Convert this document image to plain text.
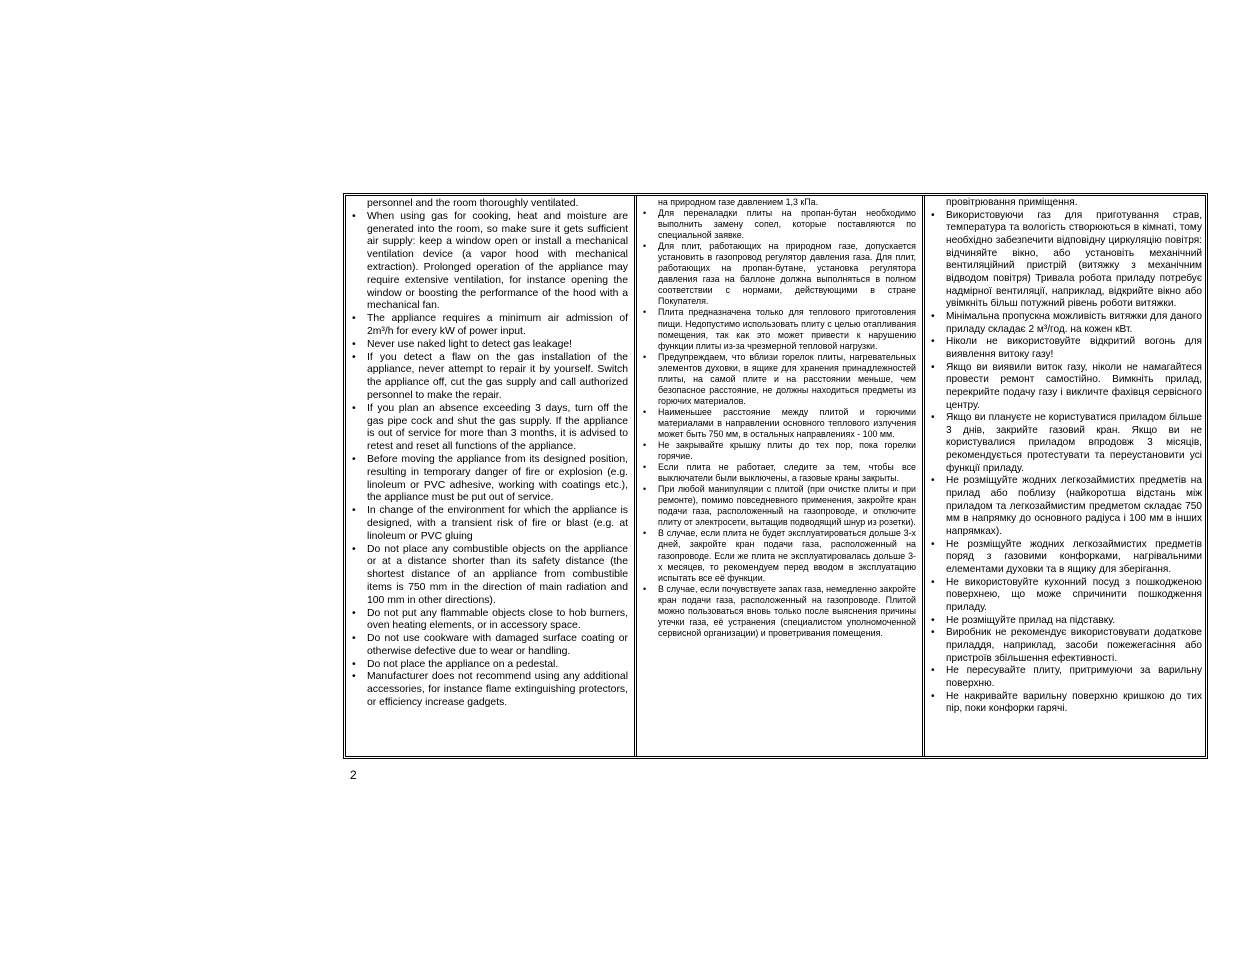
personnel and the room thoroughly ventilated.

• When using gas for cooking, heat and moisture are generated into the room, so make sure it gets sufficient air supply: keep a window open or install a mechanical ventilation device (a vapor hood with mechanical extraction). Prolonged operation of the appliance may require extensive ventilation, for instance opening the window or boosting the performance of the hood with a mechanical fan.
• The appliance requires a minimum air admission of 2m³/h for every kW of power input.
• Never use naked light to detect gas leakage!
• If you detect a flaw on the gas installation of the appliance, never attempt to repair it by yourself. Switch the appliance off, cut the gas supply and call authorized personnel to make the repair.
• If you plan an absence exceeding 3 days, turn off the gas pipe cock and shut the gas supply. If the appliance is out of service for more than 3 months, it is advised to retest and reset all functions of the appliance.
• Before moving the appliance from its designed position, resulting in temporary danger of fire or explosion (e.g. linoleum or PVC adhesive, working with coatings etc.), the appliance must be put out of service.
• In change of the environment for which the appliance is designed, with a transient risk of fire or blast (e.g. at linoleum or PVC gluing
• Do not place any combustible objects on the appliance or at a distance shorter than its safety distance (the shortest distance of an appliance from combustible items is 750 mm in the direction of main radiation and 100 mm in other directions).
• Do not put any flammable objects close to hob burners, oven heating elements, or in accessory space.
• Do not use cookware with damaged surface coating or otherwise defective due to wear or handling.
• Do not place the appliance on a pedestal.
• Manufacturer does not recommend using any additional accessories, for instance flame extinguishing protectors, or efficiency increase gadgets.

на природном газе давлением 1,3 кПа.

• Для переналадки плиты на пропан-бутан необходимо выполнить замену сопел, которые поставляются по специальной заявке.
• Для плит, работающих на природном газе, допускается установить в газопровод регулятор давления газа. Для плит, работающих на пропан-бутане, установка регулятора давления газа на баллоне должна выполняться в полном соответствии с нормами, действующими в стране Покупателя.
• Плита предназначена только для теплового приготовления пищи. Недопустимо использовать плиту с целью отапливания помещения, так как это может привести к нарушению функции плиты из-за чрезмерной тепловой нагрузки.
• Предупреждаем, что вблизи горелок плиты, нагревательных элементов духовки, в ящике для хранения принадлежностей плиты, на самой плите и на расстоянии меньше, чем безопасное расстояние, не должны находиться предметы из горючих материалов.
• Наименьшее расстояние между плитой и горючими материалами в направлении основного теплового излучения может быть 750 мм, в остальных направлениях - 100 мм.
• Не закрывайте крышку плиты до тех пор, пока горелки горячие.
• Если плита не работает, следите за тем, чтобы все выключатели были выключены, а газовые краны закрыты.
• При любой манипуляции с плитой (при очистке плиты и при ремонте), помимо повседневного применения, закройте кран подачи газа, расположенный на газопроводе, и отключите плиту от электросети, вытащив подводящий шнур из розетки).
• В случае, если плита не будет эксплуатироваться дольше 3-х дней, закройте кран подачи газа, расположенный на газопроводе. Если же плита не эксплуатировалась дольше 3-х месяцев, то рекомендуем перед вводом в эксплуатацию испытать все её функции.
• В случае, если почувствуете запах газа, немедленно закройте кран подачи газа, расположенный на газопроводе. Плитой можно пользоваться вновь только после выяснения причины утечки газа, её устранения (специалистом уполномоченной сервисной организации) и проветривания помещения.

провітрювання приміщення.

• Використовуючи газ для приготування страв, температура та вологість створюються в кімнаті, тому необхідно забезпечити відповідну циркуляцію повітря: відчиняйте вікно, або установіть механічний вентиляційний пристрій (витяжку з механічним відводом повітря) Тривала робота приладу потребує надмірної вентиляції, наприклад, відкрийте вікно або увімкніть більш потужний рівень роботи витяжки.
• Мінімальна пропускна можливість витяжки для даного приладу складає 2 м³/год. на кожен кВт.
• Ніколи не використовуйте відкритий вогонь для виявлення витоку газу!
• Якщо ви виявили виток газу, ніколи не намагайтеся провести ремонт самостійно. Вимкніть прилад, перекрийте подачу газу і викличте фахівця сервісного центру.
• Якщо ви плануєте не користуватися приладом більше 3 днів, закрийте газовий кран. Якщо ви не користувалися приладом впродовж 3 місяців, рекомендується протестувати та переустановити усі функції приладу.
• Не розміщуйте жодних легкозаймистих предметів на прилад або поблизу (найкоротша відстань між приладом та легкозаймистим предметом складає 750 мм в напрямку до основного радіуса і 100 мм в інших напрямках).
• Не розміщуйте жодних легкозаймистих предметів поряд з газовими конфорками, нагрівальними елементами духовки та в ящику для зберігання.
• Не використовуйте кухонний посуд з пошкодженою поверхнею, що може спричинити пошкодження приладу.
• Не розміщуйте прилад на підставку.
• Виробник не рекомендує використовувати додаткове приладдя, наприклад, засоби пожежегасіння або пристроїв збільшення ефективності.
• Не пересувайте плиту, притримуючи за варильну поверхню.
• Не накривайте варильну поверхню кришкою до тих пір, поки конфорки гарячі.
2
